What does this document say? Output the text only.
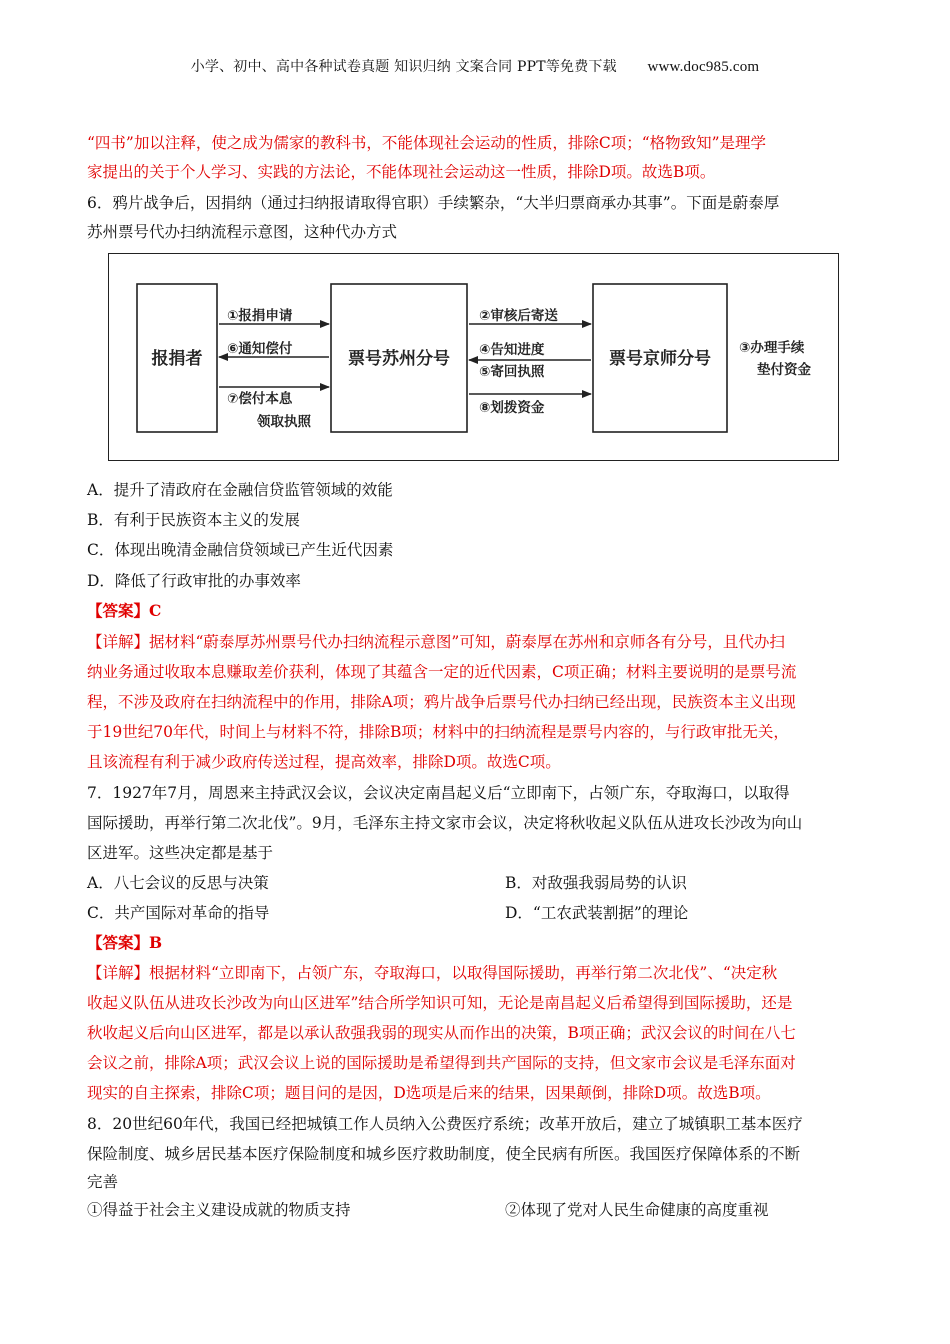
小学、初中、高中各种试卷真题 知识归纳 文案合同 PPT等免费下载 www.doc985.com
“四书”加以注释，使之成为儒家的教科书，不能体现社会运动的性质，排除C项；“格物致知”是理学
家提出的关于个人学习、实践的方法论，不能体现社会运动这一性质，排除D项。故选B项。
6．鸦片战争后，因捐纳（通过扫纳报请取得官职）手续繁杂，“大半归票商承办其事”。下面是蔚泰厚
苏州票号代办扫纳流程示意图，这种代办方式
报捐者	票号苏州分号	票号京师分号
①报捐申请
⑥通知偿付
⑦偿付本息
领取执照
②审核后寄送
④告知进度
⑤寄回执照
⑧划拨资金
③办理手续
垫付资金
A．提升了清政府在金融信贷监管领域的效能
B．有利于民族资本主义的发展
C．体现出晚清金融信贷领域已产生近代因素
D．降低了行政审批的办事效率
【答案】C
【详解】据材料“蔚泰厚苏州票号代办扫纳流程示意图”可知，蔚泰厚在苏州和京师各有分号，且代办扫
纳业务通过收取本息赚取差价获利，体现了其蕴含一定的近代因素，C项正确；材料主要说明的是票号流
程，不涉及政府在扫纳流程中的作用，排除A项；鸦片战争后票号代办扫纳已经出现，民族资本主义出现
于19世纪70年代，时间上与材料不符，排除B项；材料中的扫纳流程是票号内容的，与行政审批无关，
且该流程有利于减少政府传送过程，提高效率，排除D项。故选C项。
7．1927年7月，周恩来主持武汉会议，会议决定南昌起义后“立即南下，占领广东，夺取海口，以取得
国际援助，再举行第二次北伐”。9月，毛泽东主持文家市会议，决定将秋收起义队伍从进攻长沙改为向山
区进军。这些决定都是基于
A．八七会议的反思与决策	B．对敌强我弱局势的认识
C．共产国际对革命的指导	D．“工农武装割据”的理论
【答案】B
【详解】根据材料“立即南下，占领广东，夺取海口，以取得国际援助，再举行第二次北伐”、“决定秋
收起义队伍从进攻长沙改为向山区进军”结合所学知识可知，无论是南昌起义后希望得到国际援助，还是
秋收起义后向山区进军，都是以承认敌强我弱的现实从而作出的决策，B项正确；武汉会议的时间在八七
会议之前，排除A项；武汉会议上说的国际援助是希望得到共产国际的支持，但文家市会议是毛泽东面对
现实的自主探索，排除C项；题目问的是因，D选项是后来的结果，因果颠倒，排除D项。故选B项。
8．20世纪60年代，我国已经把城镇工作人员纳入公费医疗系统；改革开放后，建立了城镇职工基本医疗
保险制度、城乡居民基本医疗保险制度和城乡医疗救助制度，使全民病有所医。我国医疗保障体系的不断
完善
①得益于社会主义建设成就的物质支持	②体现了党对人民生命健康的高度重视
